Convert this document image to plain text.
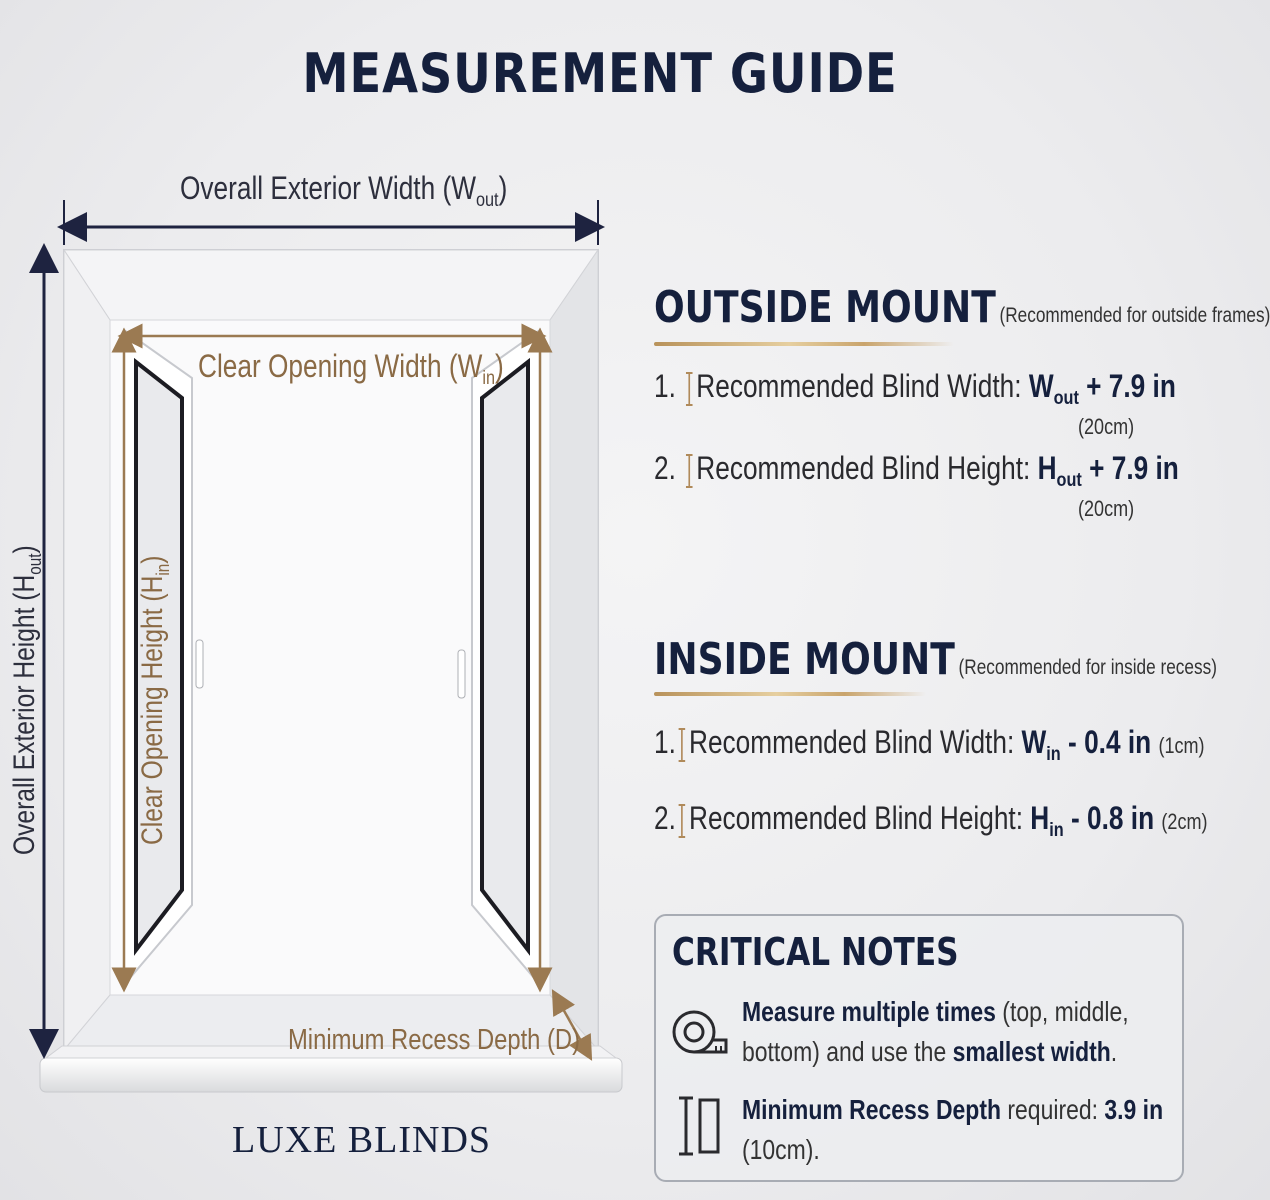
MEASUREMENT GUIDE
Overall Exterior Width $(W_{out})$
Overall Exterior Height $(H_{out})$
Clear Opening Width $(W_{in})$
Clear Opening Height $(H_{in})$
Minimum Recess Depth (D)
LUXE BLINDS
OUTSIDE MOUNT (Recommended for outside frames)
1. Recommended Blind Width: $W_{out} + 7.9$ in
(20cm)
2. Recommended Blind Height: $H_{out} + 7.9$ in
(20cm)
INSIDE MOUNT (Recommended for inside recess)
1. Recommended Blind Width: $W_{in} - 0.4$ in (1cm)
2. Recommended Blind Height: $H_{in} - 0.8$ in (2cm)
CRITICAL NOTES
Measure multiple times (top, middle,
bottom) and use the smallest width.
Minimum Recess Depth required: 3.9 in
(10cm).
